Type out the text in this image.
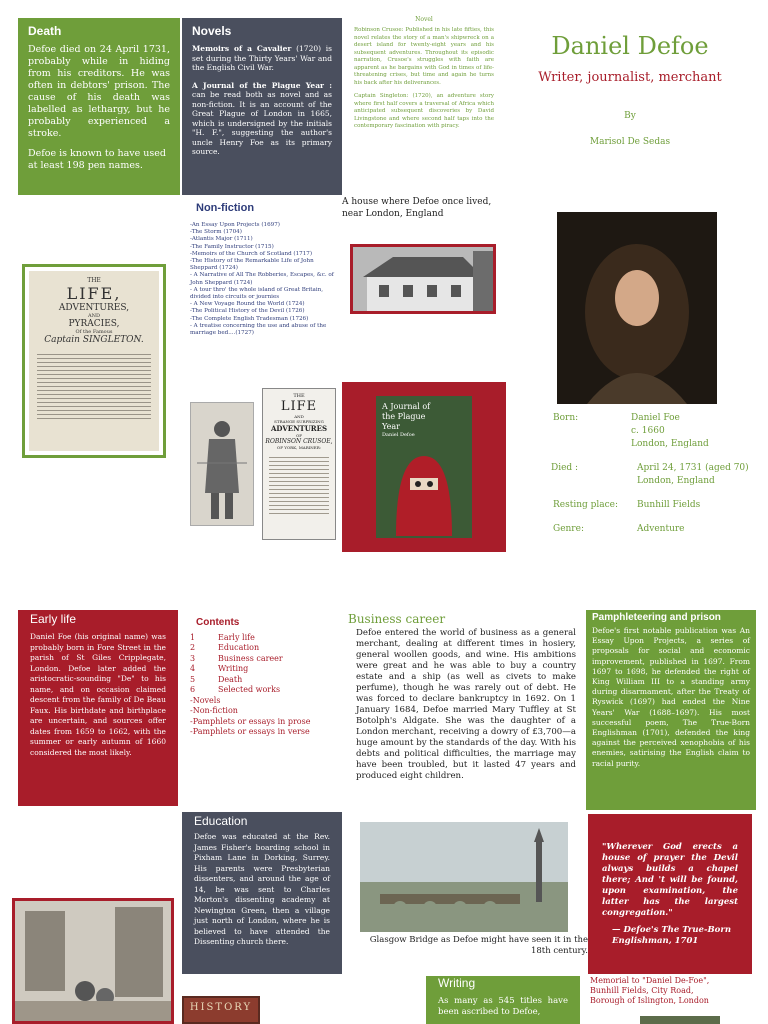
Death

Defoe died on 24 April 1731, probably while in hiding from his creditors. He was often in debtors' prison. The cause of his death was labelled as lethargy, but he probably experienced a stroke.

Defoe is known to have used at least 198 pen names.

Novels

Memoirs of a Cavalier (1720) is set during the Thirty Years' War and the English Civil War.

A Journal of the Plague Year : can be read both as novel and as non-fiction. It is an account of the Great Plague of London in 1665, which is undersigned by the initials "H. F.", suggesting the author's uncle Henry Foe as its primary source.

Novel
Robinson Crusoe: Published in his late fifties, this novel relates the story of a man's shipwreck on a desert island for twenty-eight years and his subsequent adventures. Throughout its episodic narration, Crusoe's struggles with faith are apparent as he bargains with God in times of life-threatening crises, but time and again he turns his back after his deliverances.
Captain Singleton: (1720), an adventure story where first half covers a traversal of Africa which anticipated subsequent discoveries by David Livingstone and where second half taps into the contemporary fascination with piracy.
Daniel Defoe
Writer, journalist, merchant
By
Marisol De Sedas
Non-fiction
-An Essay Upon Projects (1697)
-The Storm (1704)
-Atlantis Major (1711)
-The Family Instructor (1715)
-Memoirs of the Church of Scotland (1717)
-The History of the Remarkable Life of John Sheppard (1724)
- A Narrative of All The Robberies, Escapes, &c. of John Sheppard (1724)
- A tour thro' the whole island of Great Britain, divided into circuits or journies
- A New Voyage Round the World (1724)
-The Political History of the Devil (1726)
-The Complete English Tradesman (1726)
- A treatise concerning the use and abuse of the marriage bed....(1727)
A house where Defoe once lived, near London, England
THE
LIFE,
ADVENTURES,
AND
PYRACIES,
Of the Famous
Captain SINGLETON.
THE
LIFE
AND
STRANGE SURPRIZING
ADVENTURES
OF
ROBINSON CRUSOE,
OF YORK, MARINER:
A Journal of the Plague Year
Daniel Defoe
Born:	Daniel Foe
c. 1660
London, England
Died :	April 24, 1731 (aged 70)
London, England
Resting place: Bunhill Fields
Genre:	Adventure
Early life

Daniel Foe (his original name) was probably born in Fore Street in the parish of St Giles Cripplegate, London. Defoe later added the aristocratic-sounding "De" to his name, and on occasion claimed descent from the family of De Beau Faux. His birthdate and birthplace are uncertain, and sources offer dates from 1659 to 1662, with the summer or early autumn of 1660 considered the most likely.

Contents
1	Early life
2	Education
3	Business career
4	Writing
5	Death
6	Selected works
-Novels
-Non-fiction
-Pamphlets or essays in prose
-Pamphlets or essays in verse
Business career
Defoe entered the world of business as a general merchant, dealing at different times in hosiery, general woollen goods, and wine. His ambitions were great and he was able to buy a country estate and a ship (as well as civets to make perfume), though he was rarely out of debt. He was forced to declare bankruptcy in 1692. On 1 January 1684, Defoe married Mary Tuffley at St Botolph's Aldgate. She was the daughter of a London merchant, receiving a dowry of £3,700—a huge amount by the standards of the day. With his debts and political difficulties, the marriage may have been troubled, but it lasted 47 years and produced eight children.
Pamphleteering and prison

Defoe's first notable publication was An Essay Upon Projects, a series of proposals for social and economic improvement, published in 1697. From 1697 to 1698, he defended the right of King William III to a standing army during disarmament, after the Treaty of Ryswick (1697) had ended the Nine Years' War (1688–1697). His most successful poem, The True-Born Englishman (1701), defended the king against the perceived xenophobia of his enemies, satirising the English claim to racial purity.

Education

Defoe was educated at the Rev. James Fisher's boarding school in Pixham Lane in Dorking, Surrey. His parents were Presbyterian dissenters, and around the age of 14, he was sent to Charles Morton's dissenting academy at Newington Green, then a village just north of London, where he is believed to have attended the Dissenting church there.	Glasgow Bridge as Defoe might have seen it in the 18th century.
"Wherever God erects a house of prayer the Devil always builds a chapel there; And 't will be found, upon examination, the latter has the largest congregation."
— Defoe's The True-Born Englishman, 1701
HISTORY
Writing

As many as 545 titles have been ascribed to Defoe,

Memorial to "Daniel De-Foe", Bunhill Fields, City Road, Borough of Islington, London
